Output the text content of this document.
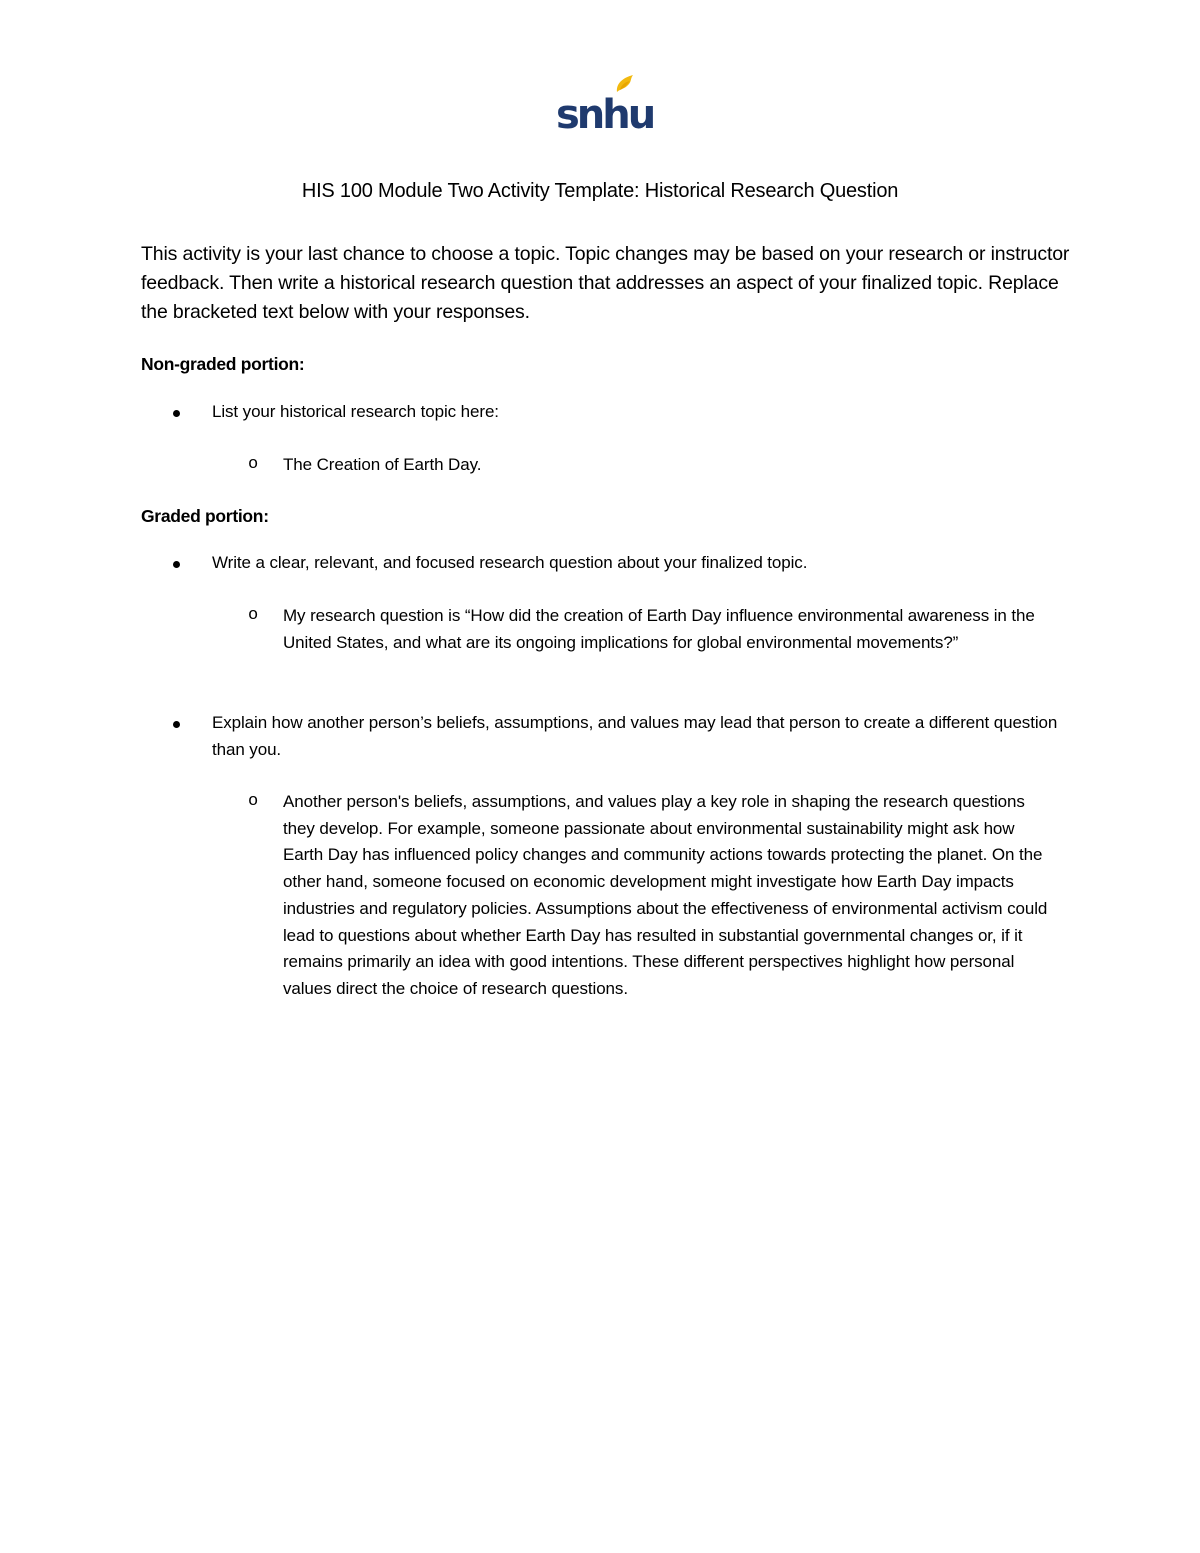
snhu
HIS 100 Module Two Activity Template: Historical Research Question

This activity is your last chance to choose a topic. Topic changes may be based on your research or instructor feedback. Then write a historical research question that addresses an aspect of your finalized topic. Replace the bracketed text below with your responses.

Non-graded portion:
List your historical research topic here:
o The Creation of Earth Day.
Graded portion:
Write a clear, relevant, and focused research question about your finalized topic.
o My research question is “How did the creation of Earth Day influence environmental awareness in the United States, and what are its ongoing implications for global environmental movements?”
Explain how another person’s beliefs, assumptions, and values may lead that person to create a different question than you.
o Another person's beliefs, assumptions, and values play a key role in shaping the research questions they develop. For example, someone passionate about environmental sustainability might ask how Earth Day has influenced policy changes and community actions towards protecting the planet. On the other hand, someone focused on economic development might investigate how Earth Day impacts industries and regulatory policies. Assumptions about the effectiveness of environmental activism could lead to questions about whether Earth Day has resulted in substantial governmental changes or, if it remains primarily an idea with good intentions. These different perspectives highlight how personal values direct the choice of research questions.
